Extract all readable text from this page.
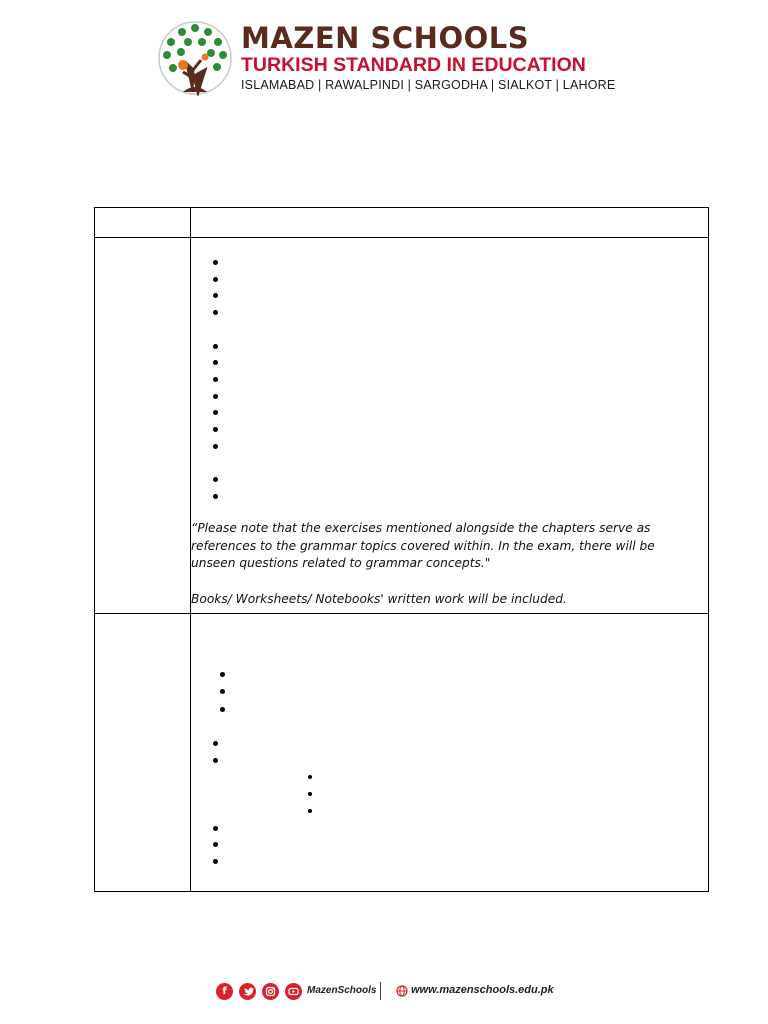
MAZEN SCHOOLS
TURKISH STANDARD IN EDUCATION
ISLAMABAD | RAWALPINDI | SARGODHA | SIALKOT | LAHORE

	“Please note that the exercises mentioned alongside the chapters serve as
references to the grammar topics covered within. In the exam, there will be
unseen questions related to grammar concepts."
Books/ Worksheets/ Notebooks' written work will be included.

f	MazenSchools	www.mazenschools.edu.pk
